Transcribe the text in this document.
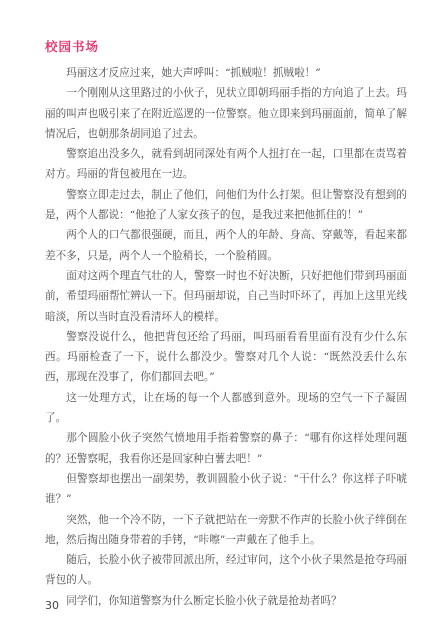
校园书场

玛丽这才反应过来，她大声呼叫：“抓贼啦！抓贼啦！”

一个刚刚从这里路过的小伙子，见状立即朝玛丽手指的方向追了上去。玛丽的叫声也吸引来了在附近巡逻的一位警察。他立即来到玛丽面前，简单了解情况后，也朝那条胡同追了过去。

警察追出没多久，就看到胡同深处有两个人扭打在一起，口里都在责骂着对方。玛丽的背包被甩在一边。

警察立即走过去，制止了他们，问他们为什么打架。但让警察没有想到的是，两个人都说：“他抢了人家女孩子的包，是我过来把他抓住的！”

两个人的口气都很强硬，而且，两个人的年龄、身高、穿戴等，看起来都差不多，只是，两个人一个脸稍长，一个脸稍圆。

面对这两个理直气壮的人，警察一时也不好决断，只好把他们带到玛丽面前，希望玛丽帮忙辨认一下。但玛丽却说，自己当时吓坏了，再加上这里光线暗淡，所以当时直没看清坏人的模样。

警察没说什么，他把背包还给了玛丽，叫玛丽看看里面有没有少什么东西。玛丽检查了一下，说什么都没少。警察对几个人说：“既然没丢什么东西，那现在没事了，你们都回去吧。”

这一处理方式，让在场的每一个人都感到意外。现场的空气一下子凝固了。

那个圆脸小伙子突然气愤地用手指着警察的鼻子：“哪有你这样处理问题的？还警察呢，我看你还是回家种白薯去吧！”

但警察却也摆出一副架势，教训圆脸小伙子说：“干什么？你这样子吓唬谁？”

突然，他一个冷不防，一下子就把站在一旁默不作声的长脸小伙子绊倒在地，然后掏出随身带着的手铐，“咔嚓”一声戴在了他手上。

随后，长脸小伙子被带回派出所，经过审问，这个小伙子果然是抢夺玛丽背包的人。

同学们，你知道警察为什么断定长脸小伙子就是抢劫者吗？

30
